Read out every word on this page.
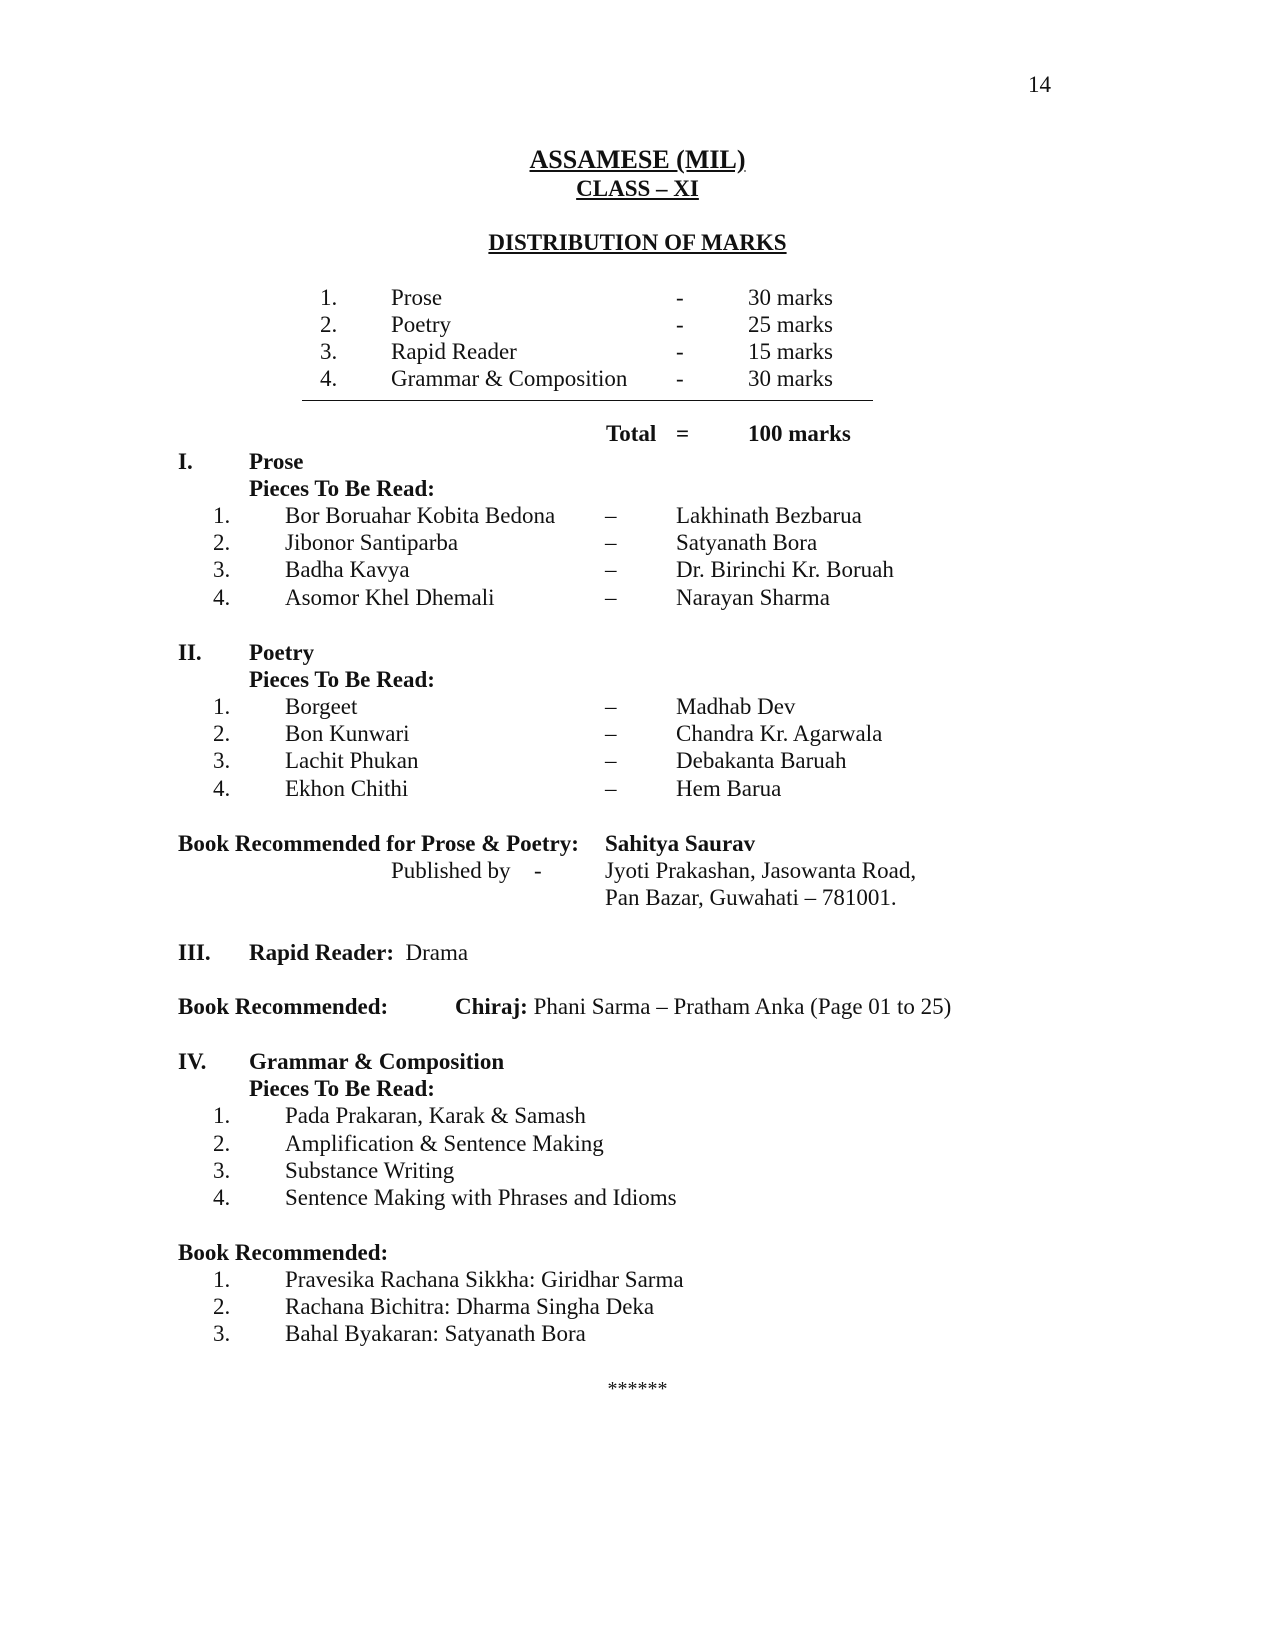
14
ASSAMESE (MIL)
CLASS – XI
DISTRIBUTION OF MARKS
1. Prose	-	30 marks
2. Poetry	-	25 marks
3. Rapid Reader	-	15 marks
4. Grammar & Composition -	30 marks
Total =	100 marks
I. Prose
Pieces To Be Read:
1. Bor Boruahar Kobita Bedona –	Lakhinath Bezbarua
2. Jibonor Santiparba	–	Satyanath Bora
3. Badha Kavya	–	Dr. Birinchi Kr. Boruah
4. Asomor Khel Dhemali	–	Narayan Sharma
II. Poetry
Pieces To Be Read:
1. Borgeet	–	Madhab Dev
2. Bon Kunwari	–	Chandra Kr. Agarwala
3. Lachit Phukan	–	Debakanta Baruah
4. Ekhon Chithi	–	Hem Barua
Book Recommended for Prose & Poetry: Sahitya Saurav
Published by -	Jyoti Prakashan, Jasowanta Road,
Pan Bazar, Guwahati – 781001.
III. Rapid Reader: Drama
Book Recommended:	Chiraj: Phani Sarma – Pratham Anka (Page 01 to 25)
IV. Grammar & Composition
Pieces To Be Read:
1. Pada Prakaran, Karak & Samash
2. Amplification & Sentence Making
3. Substance Writing
4. Sentence Making with Phrases and Idioms
Book Recommended:
1. Pravesika Rachana Sikkha: Giridhar Sarma
2. Rachana Bichitra: Dharma Singha Deka
3. Bahal Byakaran: Satyanath Bora
******
